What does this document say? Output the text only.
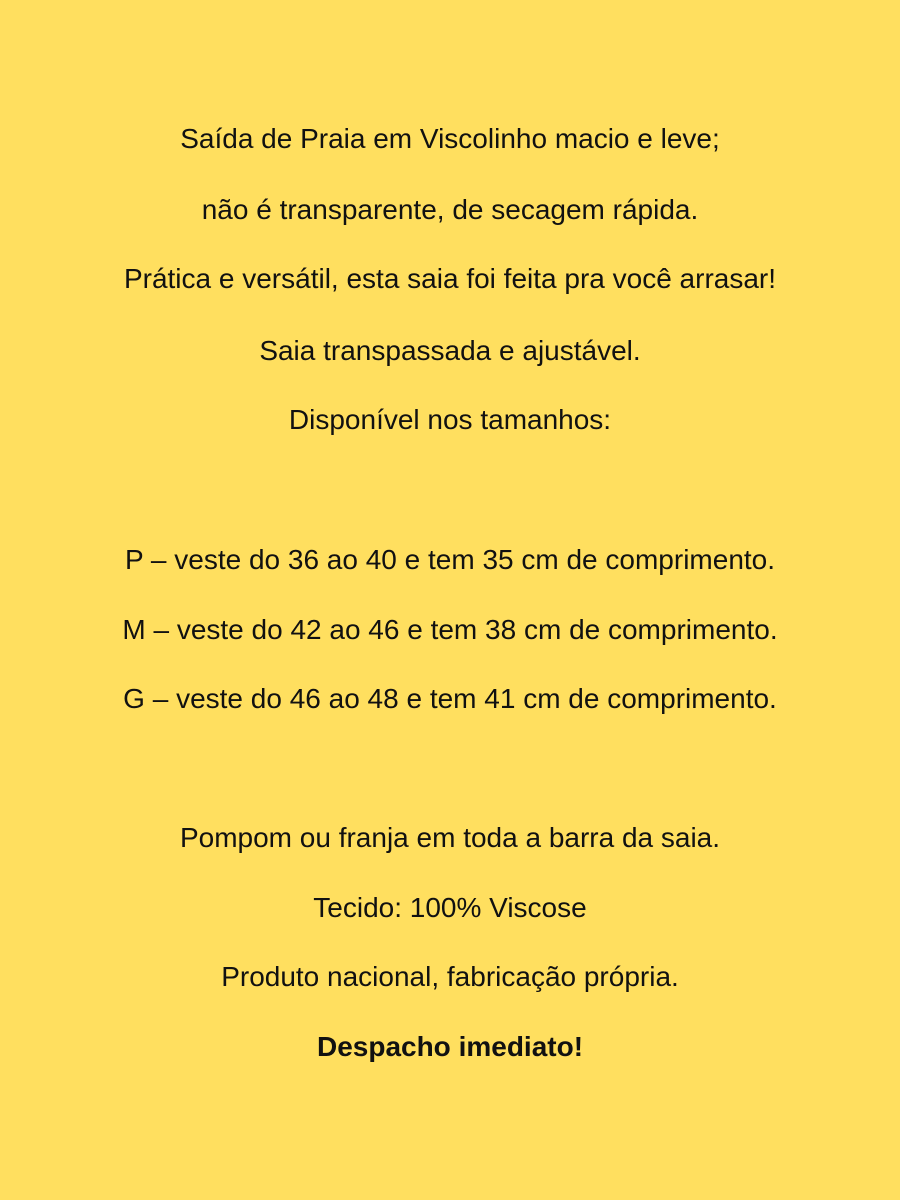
Saída de Praia em Viscolinho macio e leve;
não é transparente, de secagem rápida.
Prática e versátil, esta saia foi feita pra você arrasar!
Saia transpassada e ajustável.
Disponível nos tamanhos:
P – veste do 36 ao 40 e tem 35 cm de comprimento.
M – veste do 42 ao 46 e tem 38 cm de comprimento.
G – veste do 46 ao 48 e tem 41 cm de comprimento.
Pompom ou franja em toda a barra da saia.
Tecido: 100% Viscose
Produto nacional, fabricação própria.
Despacho imediato!
